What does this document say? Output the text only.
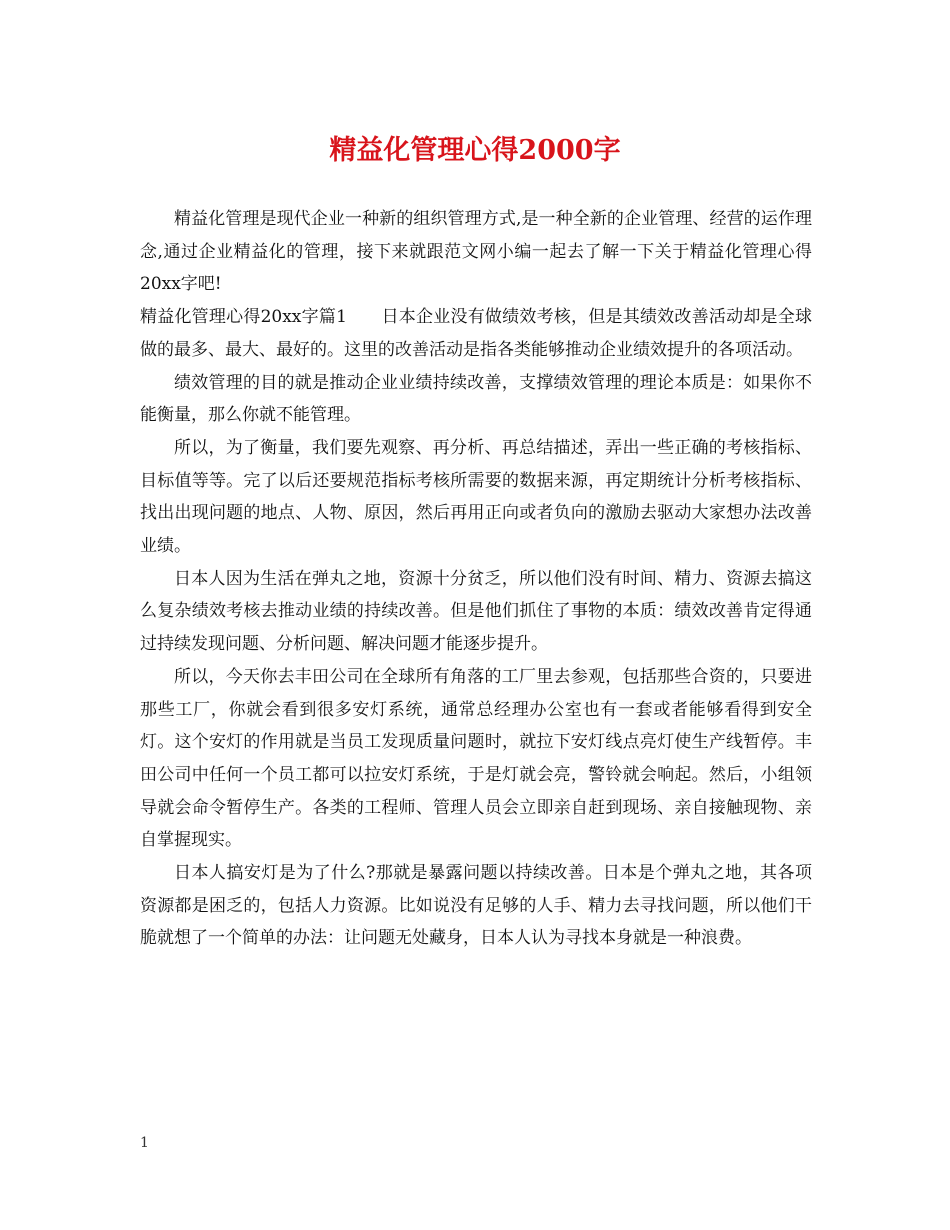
精益化管理心得2000字

精益化管理是现代企业一种新的组织管理方式,是一种全新的企业管理、经营的运作理念,通过企业精益化的管理，接下来就跟范文网小编一起去了解一下关于精益化管理心得20xx字吧!

精益化管理心得20xx字篇1　　日本企业没有做绩效考核，但是其绩效改善活动却是全球做的最多、最大、最好的。这里的改善活动是指各类能够推动企业绩效提升的各项活动。

绩效管理的目的就是推动企业业绩持续改善，支撑绩效管理的理论本质是：如果你不能衡量，那么你就不能管理。

所以，为了衡量，我们要先观察、再分析、再总结描述，弄出一些正确的考核指标、目标值等等。完了以后还要规范指标考核所需要的数据来源，再定期统计分析考核指标、找出出现问题的地点、人物、原因，然后再用正向或者负向的激励去驱动大家想办法改善业绩。

日本人因为生活在弹丸之地，资源十分贫乏，所以他们没有时间、精力、资源去搞这么复杂绩效考核去推动业绩的持续改善。但是他们抓住了事物的本质：绩效改善肯定得通过持续发现问题、分析问题、解决问题才能逐步提升。

所以，今天你去丰田公司在全球所有角落的工厂里去参观，包括那些合资的，只要进那些工厂，你就会看到很多安灯系统，通常总经理办公室也有一套或者能够看得到安全灯。这个安灯的作用就是当员工发现质量问题时，就拉下安灯线点亮灯使生产线暂停。丰田公司中任何一个员工都可以拉安灯系统，于是灯就会亮，警铃就会响起。然后，小组领导就会命令暂停生产。各类的工程师、管理人员会立即亲自赶到现场、亲自接触现物、亲自掌握现实。

日本人搞安灯是为了什么?那就是暴露问题以持续改善。日本是个弹丸之地，其各项资源都是困乏的，包括人力资源。比如说没有足够的人手、精力去寻找问题，所以他们干脆就想了一个简单的办法：让问题无处藏身，日本人认为寻找本身就是一种浪费。

1
